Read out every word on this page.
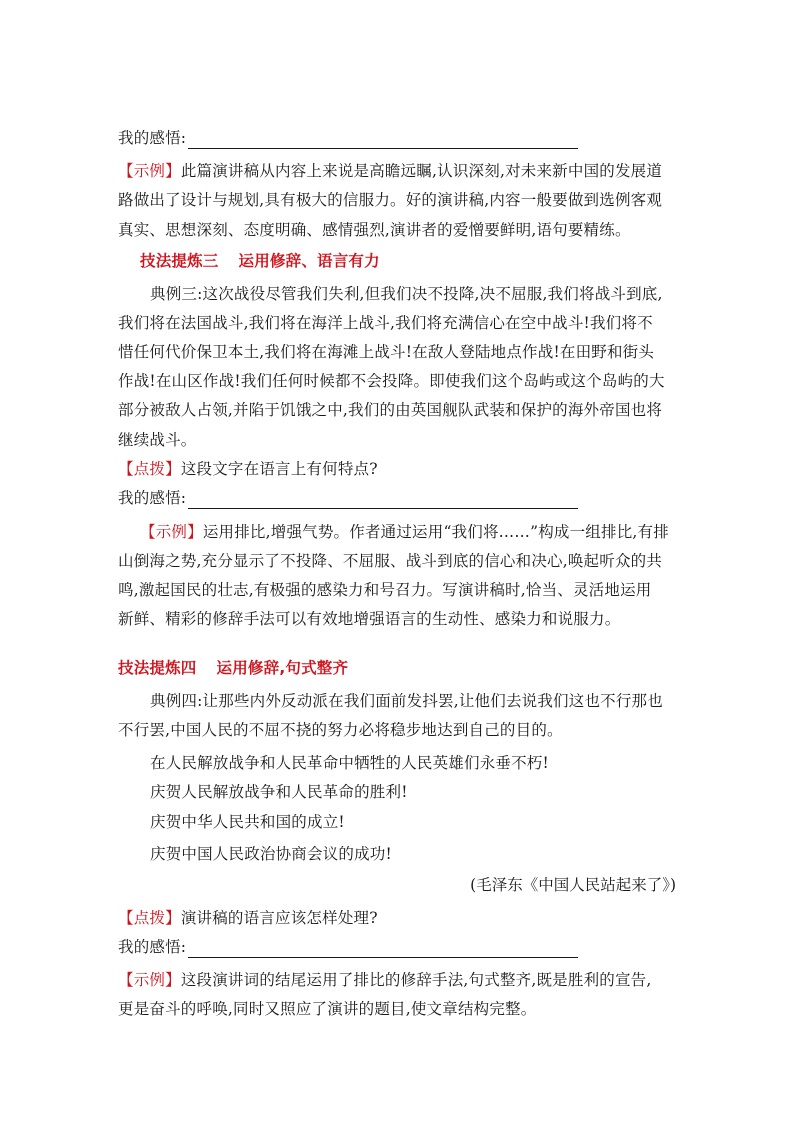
我的感悟:
【示例】此篇演讲稿从内容上来说是高瞻远瞩,认识深刻,对未来新中国的发展道
路做出了设计与规划,具有极大的信服力。好的演讲稿,内容一般要做到选例客观
真实、思想深刻、态度明确、感情强烈,演讲者的爱憎要鲜明,语句要精练。
技法提炼三 运用修辞、语言有力
典例三:这次战役尽管我们失利,但我们决不投降,决不屈服,我们将战斗到底,
我们将在法国战斗,我们将在海洋上战斗,我们将充满信心在空中战斗!我们将不
惜任何代价保卫本土,我们将在海滩上战斗!在敌人登陆地点作战!在田野和街头
作战!在山区作战!我们任何时候都不会投降。即使我们这个岛屿或这个岛屿的大
部分被敌人占领,并陷于饥饿之中,我们的由英国舰队武装和保护的海外帝国也将
继续战斗。
【点拨】这段文字在语言上有何特点?
我的感悟:
【示例】运用排比,增强气势。作者通过运用“我们将……”构成一组排比,有排
山倒海之势,充分显示了不投降、不屈服、战斗到底的信心和决心,唤起听众的共
鸣,激起国民的壮志,有极强的感染力和号召力。写演讲稿时,恰当、灵活地运用
新鲜、精彩的修辞手法可以有效地增强语言的生动性、感染力和说服力。
技法提炼四 运用修辞,句式整齐
典例四:让那些内外反动派在我们面前发抖罢,让他们去说我们这也不行那也
不行罢,中国人民的不屈不挠的努力必将稳步地达到自己的目的。
在人民解放战争和人民革命中牺牲的人民英雄们永垂不朽!
庆贺人民解放战争和人民革命的胜利!
庆贺中华人民共和国的成立!
庆贺中国人民政治协商会议的成功!
(毛泽东《中国人民站起来了》)
【点拨】演讲稿的语言应该怎样处理?
我的感悟:
【示例】这段演讲词的结尾运用了排比的修辞手法,句式整齐,既是胜利的宣告,
更是奋斗的呼唤,同时又照应了演讲的题目,使文章结构完整。
